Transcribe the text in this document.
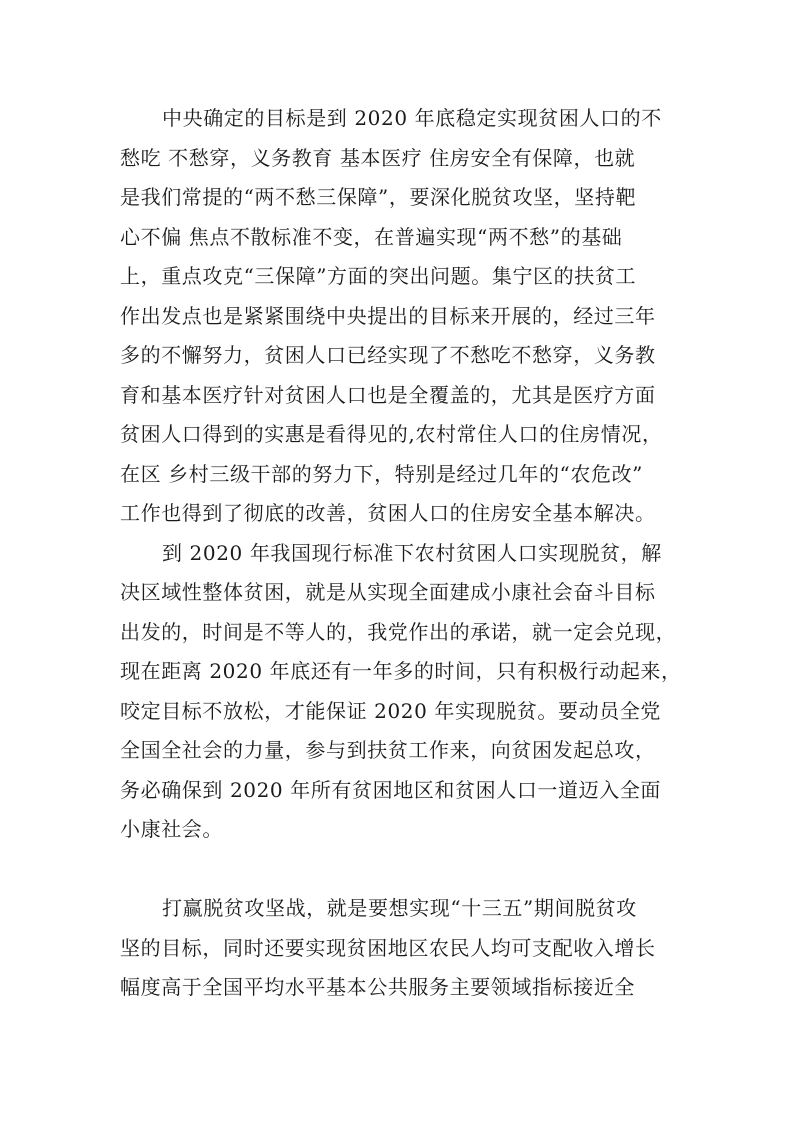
中央确定的目标是到 2020 年底稳定实现贫困人口的不
愁吃 不愁穿，义务教育 基本医疗 住房安全有保障，也就
是我们常提的“两不愁三保障”，要深化脱贫攻坚，坚持靶
心不偏 焦点不散标准不变，在普遍实现“两不愁”的基础
上，重点攻克“三保障”方面的突出问题。集宁区的扶贫工
作出发点也是紧紧围绕中央提出的目标来开展的，经过三年
多的不懈努力，贫困人口已经实现了不愁吃不愁穿，义务教
育和基本医疗针对贫困人口也是全覆盖的，尤其是医疗方面
贫困人口得到的实惠是看得见的,农村常住人口的住房情况，
在区 乡村三级干部的努力下，特别是经过几年的“农危改”
工作也得到了彻底的改善，贫困人口的住房安全基本解决。
到 2020 年我国现行标准下农村贫困人口实现脱贫，解
决区域性整体贫困，就是从实现全面建成小康社会奋斗目标
出发的，时间是不等人的，我党作出的承诺，就一定会兑现，
现在距离 2020 年底还有一年多的时间，只有积极行动起来，
咬定目标不放松，才能保证 2020 年实现脱贫。要动员全党
全国全社会的力量，参与到扶贫工作来，向贫困发起总攻，
务必确保到 2020 年所有贫困地区和贫困人口一道迈入全面
小康社会。
打赢脱贫攻坚战，就是要想实现“十三五”期间脱贫攻
坚的目标，同时还要实现贫困地区农民人均可支配收入增长
幅度高于全国平均水平基本公共服务主要领域指标接近全
